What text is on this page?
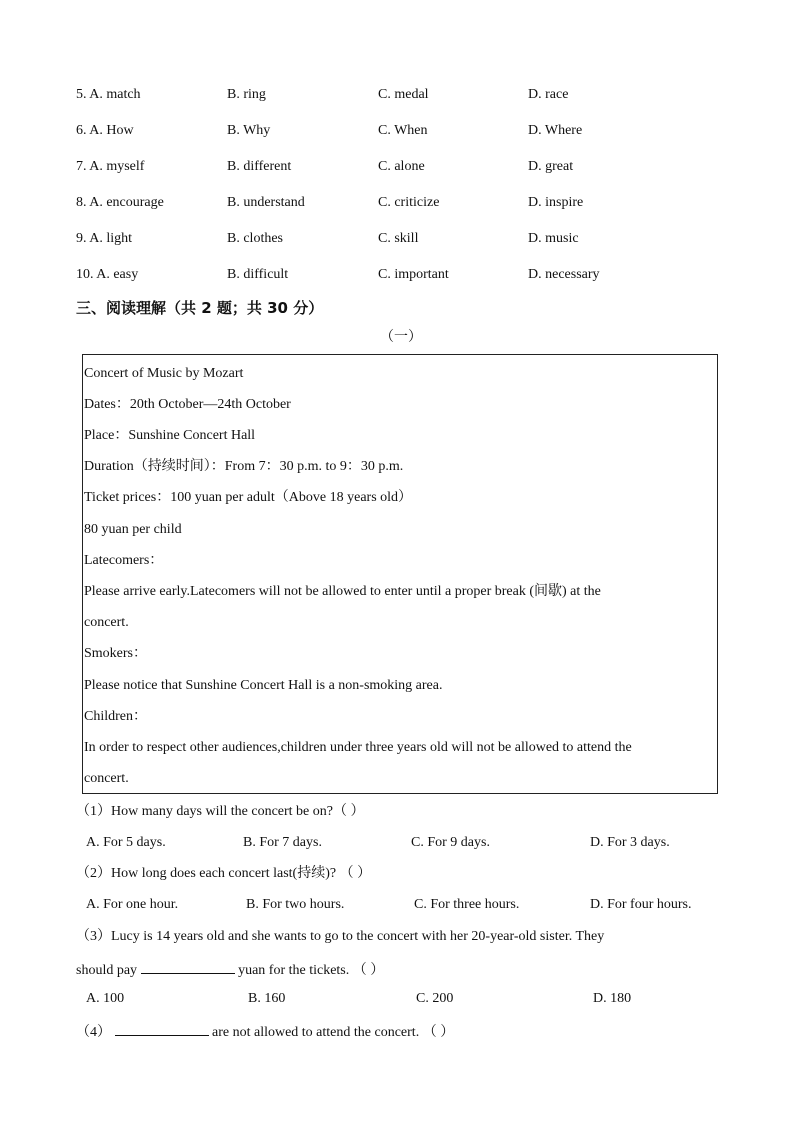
5. A. match	B. ring	C. medal	D. race
6. A. How	B. Why	C. When	D. Where
7. A. myself	B. different	C. alone	D. great
8. A. encourage	B. understand	C. criticize	D. inspire
9. A. light	B. clothes	C. skill	D. music
10. A. easy	B. difficult	C. important	D. necessary
三、阅读理解（共 2 题；共 30 分）
（一）
Concert of Music by Mozart
Dates：20th October—24th October
Place：Sunshine Concert Hall
Duration（持续时间）：From 7：30 p.m. to 9：30 p.m.
Ticket prices：100 yuan per adult（Above 18 years old）
80 yuan per child
Latecomers：
Please arrive early.Latecomers will not be allowed to enter until a proper break (间歇) at the
concert.
Smokers：
Please notice that Sunshine Concert Hall is a non-smoking area.
Children：
In order to respect other audiences,children under three years old will not be allowed to attend the
concert.
（1）How many days will the concert be on?（ ）
A. For 5 days.	B. For 7 days.	C. For 9 days.	D. For 3 days.
（2）How long does each concert last(持续)? （ ）
A. For one hour.	B. For two hours.	C. For three hours.	D. For four hours.
（3）Lucy is 14 years old and she wants to go to the concert with her 20-year-old sister. They
should pay	yuan for the tickets. （ ）
A. 100	B. 160	C. 200	D. 180
（4）	are not allowed to attend the concert. （ ）
